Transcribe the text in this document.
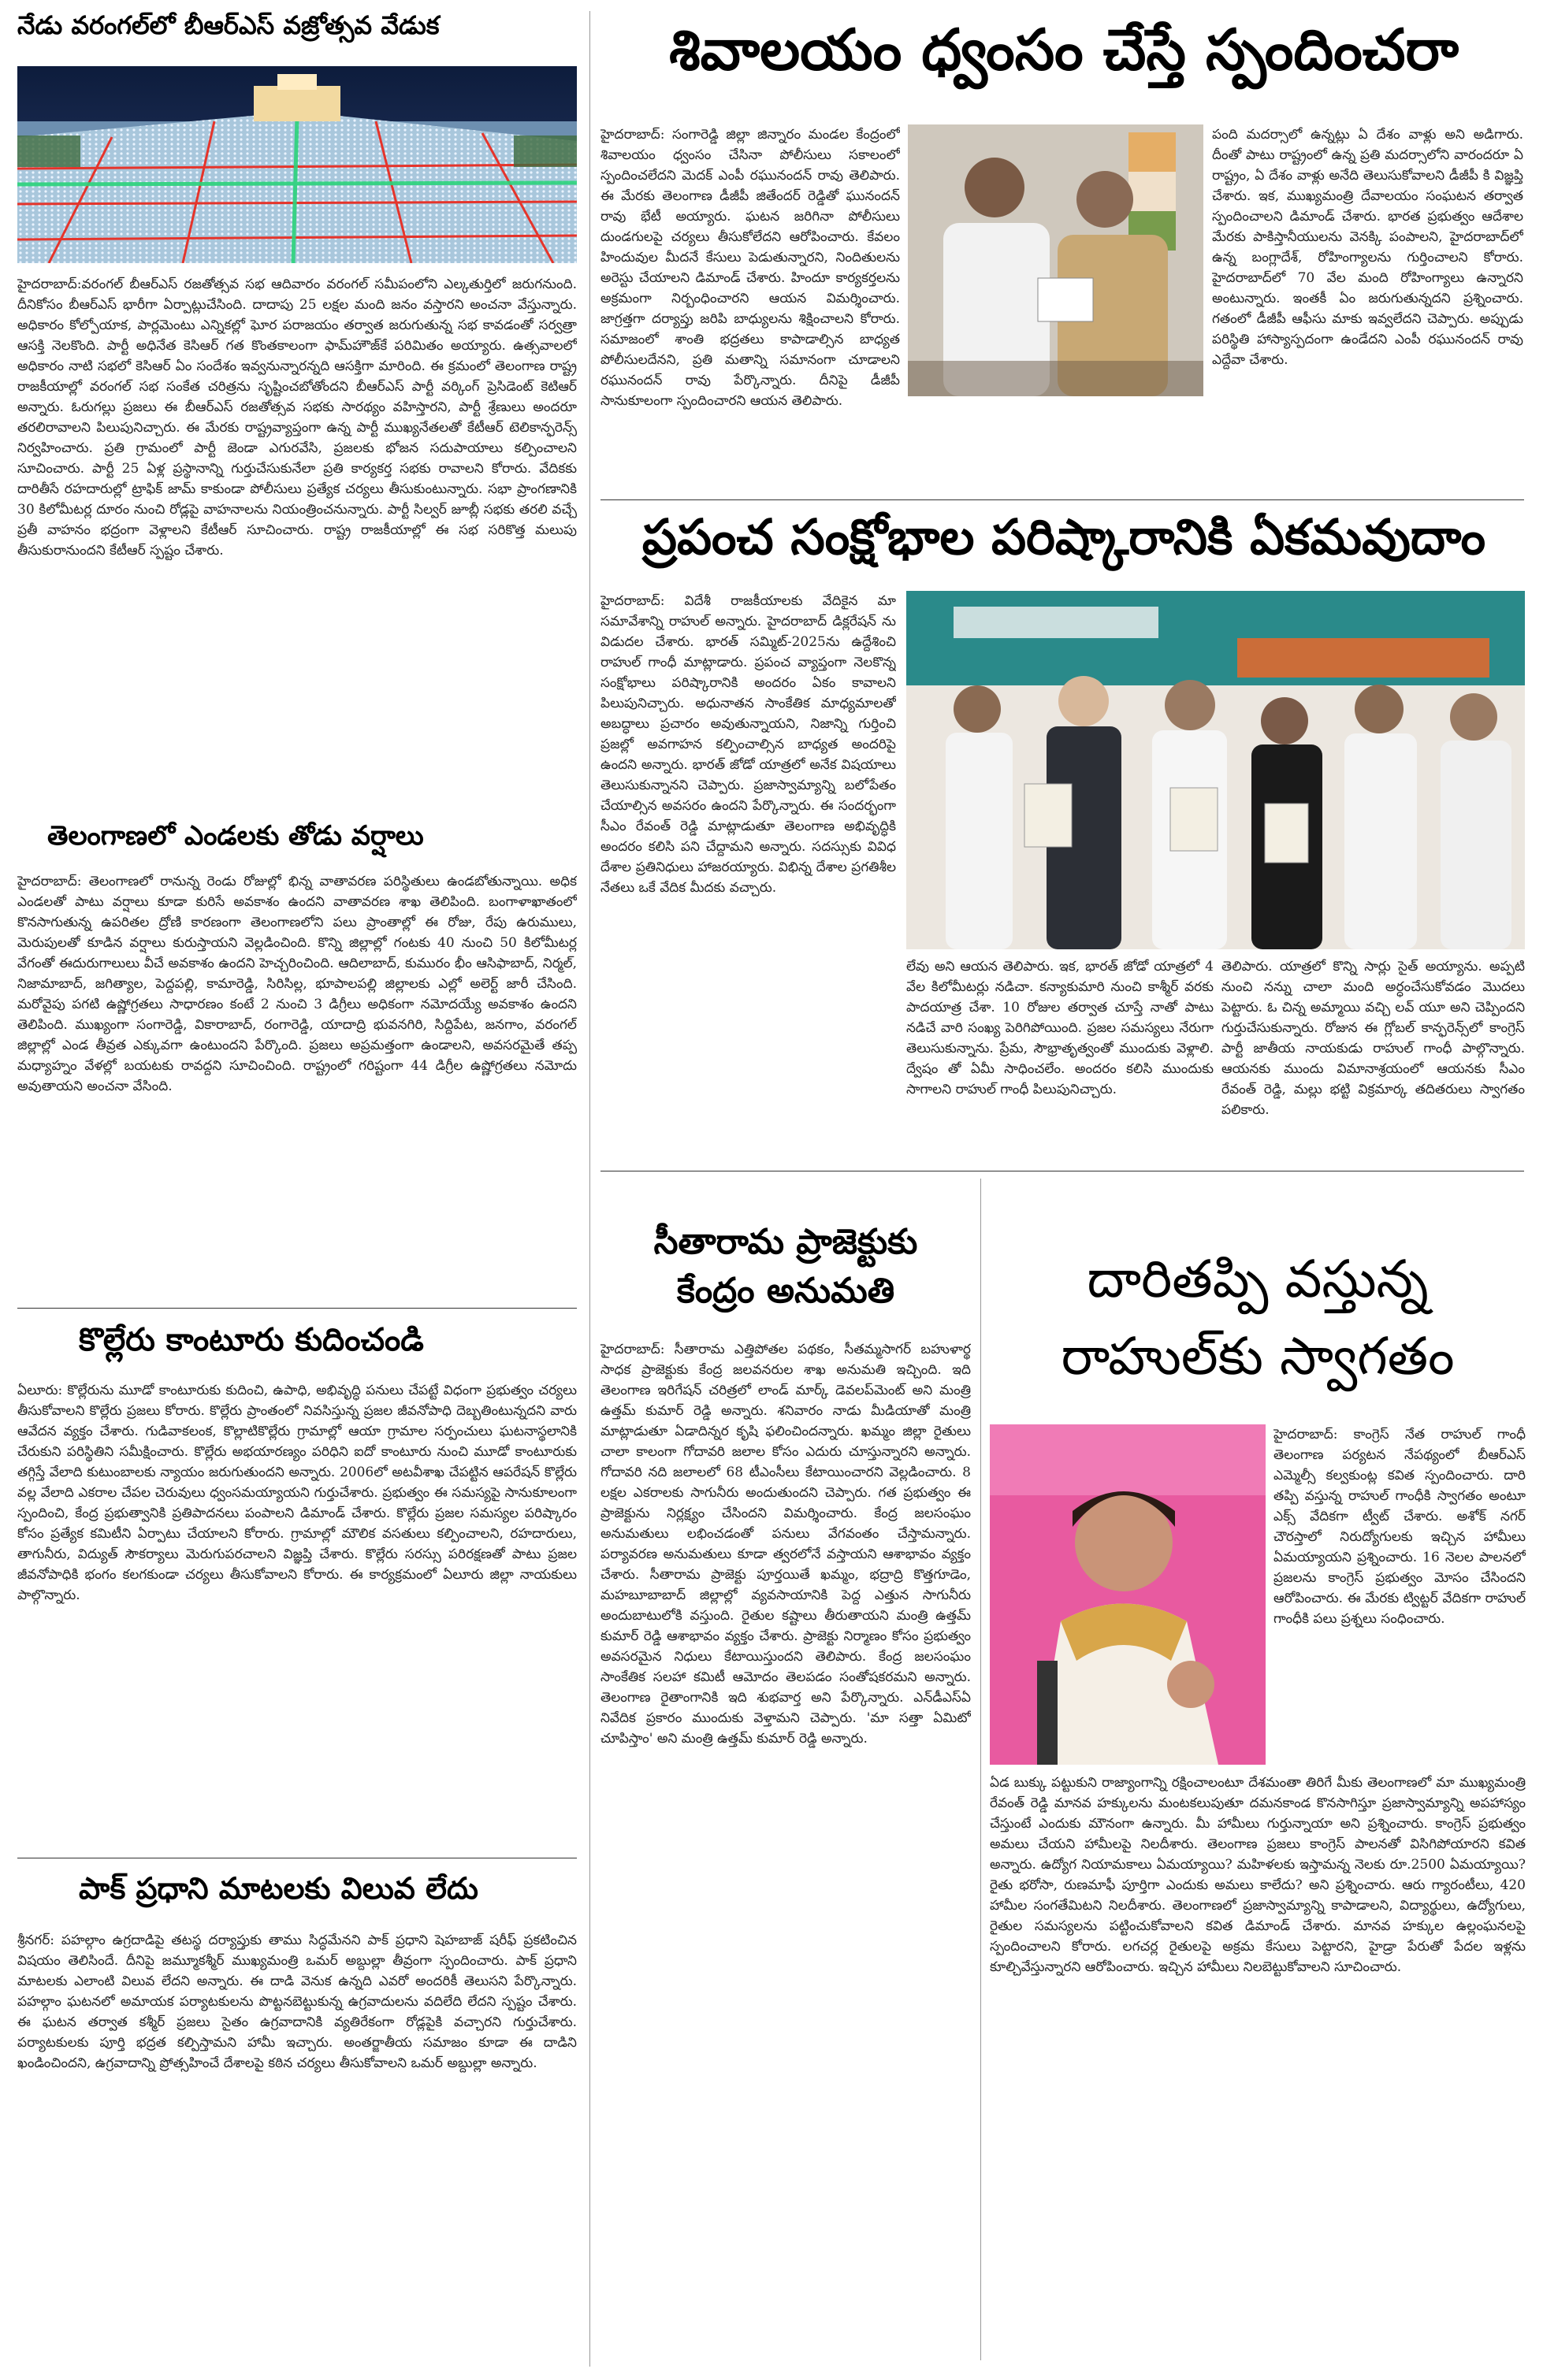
నేడు వరంగల్‌లో బీఆర్‌ఎస్‌ వజ్రోత్సవ వేడుక

హైదరాబాద్‌:వరంగల్‌ బీఆర్‌ఎస్‌ రజతోత్సవ సభ ఆదివారం వరంగల్‌ సమీపంలోని ఎల్కతుర్తిలో జరుగనుంది. దీనికోసం బీఆర్‌ఎస్‌ భారీగా ఏర్పాట్లుచేసింది. దాదాపు 25 లక్షల మంది జనం వస్తారని అంచనా వేస్తున్నారు. అధికారం కోల్పోయాక, పార్లమెంటు ఎన్నికల్లో ఘోర పరాజయం తర్వాత జరుగుతున్న సభ కావడంతో సర్వత్రా ఆసక్తి నెలకొంది. పార్టీ అధినేత కెసిఆర్‌ గత కొంతకాలంగా ఫామ్‌హౌజ్‌కే పరిమితం అయ్యారు. ఉత్సవాలలో అధికారం నాటి సభలో కెసిఆర్‌ ఏం సందేశం ఇవ్వనున్నారన్నది ఆసక్తిగా మారింది. ఈ క్రమంలో తెలంగాణ రాష్ట్ర రాజకీయాల్లో వరంగల్‌ సభ సంకేత చరిత్రను సృష్టించబోతోందని బీఆర్‌ఎస్‌ పార్టీ వర్కింగ్‌ ప్రెసిడెంట్‌ కెటిఆర్‌ అన్నారు. ఓరుగల్లు ప్రజలు ఈ బీఆర్‌ఎస్‌ రజతోత్సవ సభకు సారథ్యం వహిస్తారని, పార్టీ శ్రేణులు అందరూ తరలిరావాలని పిలుపునిచ్చారు. ఈ మేరకు రాష్ట్రవ్యాప్తంగా ఉన్న పార్టీ ముఖ్యనేతలతో కేటీఆర్‌ టెలికాన్ఫరెన్స్‌ నిర్వహించారు. ప్రతి గ్రామంలో పార్టీ జెండా ఎగురవేసి, ప్రజలకు భోజన సదుపాయాలు కల్పించాలని సూచించారు. పార్టీ 25 ఏళ్ల ప్రస్థానాన్ని గుర్తుచేసుకునేలా ప్రతి కార్యకర్త సభకు రావాలని కోరారు. వేదికకు దారితీసే రహదారుల్లో ట్రాఫిక్‌ జామ్‌ కాకుండా పోలీసులు ప్రత్యేక చర్యలు తీసుకుంటున్నారు. సభా ప్రాంగణానికి 30 కిలోమీటర్ల దూరం నుంచి రోడ్లపై వాహనాలను నియంత్రించనున్నారు. పార్టీ సిల్వర్‌ జూబ్లీ సభకు తరలి వచ్చే ప్రతీ వాహనం భద్రంగా వెళ్లాలని కేటీఆర్‌ సూచించారు. రాష్ట్ర రాజకీయాల్లో ఈ సభ సరికొత్త మలుపు తీసుకురానుందని కేటీఆర్‌ స్పష్టం చేశారు.

తెలంగాణలో ఎండలకు తోడు వర్షాలు

హైదరాబాద్‌: తెలంగాణలో రానున్న రెండు రోజుల్లో భిన్న వాతావరణ పరిస్థితులు ఉండబోతున్నాయి. అధిక ఎండలతో పాటు వర్షాలు కూడా కురిసే అవకాశం ఉందని వాతావరణ శాఖ తెలిపింది. బంగాళాఖాతంలో కొనసాగుతున్న ఉపరితల ద్రోణి కారణంగా తెలంగాణలోని పలు ప్రాంతాల్లో ఈ రోజు, రేపు ఉరుములు, మెరుపులతో కూడిన వర్షాలు కురుస్తాయని వెల్లడించింది. కొన్ని జిల్లాల్లో గంటకు 40 నుంచి 50 కిలోమీటర్ల వేగంతో ఈదురుగాలులు వీచే అవకాశం ఉందని హెచ్చరించింది. ఆదిలాబాద్‌, కుమురం భీం ఆసిఫాబాద్‌, నిర్మల్‌, నిజామాబాద్‌, జగిత్యాల, పెద్దపల్లి, కామారెడ్డి, సిరిసిల్ల, భూపాలపల్లి జిల్లాలకు ఎల్లో అలెర్ట్‌ జారీ చేసింది. మరోవైపు పగటి ఉష్ణోగ్రతలు సాధారణం కంటే 2 నుంచి 3 డిగ్రీలు అధికంగా నమోదయ్యే అవకాశం ఉందని తెలిపింది. ముఖ్యంగా సంగారెడ్డి, వికారాబాద్‌, రంగారెడ్డి, యాదాద్రి భువనగిరి, సిద్దిపేట, జనగాం, వరంగల్‌ జిల్లాల్లో ఎండ తీవ్రత ఎక్కువగా ఉంటుందని పేర్కొంది. ప్రజలు అప్రమత్తంగా ఉండాలని, అవసరమైతే తప్ప మధ్యాహ్నం వేళల్లో బయటకు రావద్దని సూచించింది. రాష్ట్రంలో గరిష్టంగా 44 డిగ్రీల ఉష్ణోగ్రతలు నమోదు అవుతాయని అంచనా వేసింది.

కొల్లేరు కాంటూరు కుదించండి

ఏలూరు: కొల్లేరును మూడో కాంటూరుకు కుదించి, ఉపాధి, అభివృద్ధి పనులు చేపట్టే విధంగా ప్రభుత్వం చర్యలు తీసుకోవాలని కొల్లేరు ప్రజలు కోరారు. కొల్లేరు ప్రాంతంలో నివసిస్తున్న ప్రజల జీవనోపాధి దెబ్బతింటున్నదని వారు ఆవేదన వ్యక్తం చేశారు. గుడివాకలంక, కొల్లాటికొల్లేరు గ్రామాల్లో ఆయా గ్రామాల సర్పంచులు ఘటనాస్థలానికి చేరుకుని పరిస్థితిని సమీక్షించారు. కొల్లేరు అభయారణ్యం పరిధిని ఐదో కాంటూరు నుంచి మూడో కాంటూరుకు తగ్గిస్తే వేలాది కుటుంబాలకు న్యాయం జరుగుతుందని అన్నారు. 2006లో అటవీశాఖ చేపట్టిన ఆపరేషన్‌ కొల్లేరు వల్ల వేలాది ఎకరాల చేపల చెరువులు ధ్వంసమయ్యాయని గుర్తుచేశారు. ప్రభుత్వం ఈ సమస్యపై సానుకూలంగా స్పందించి, కేంద్ర ప్రభుత్వానికి ప్రతిపాదనలు పంపాలని డిమాండ్‌ చేశారు. కొల్లేరు ప్రజల సమస్యల పరిష్కారం కోసం ప్రత్యేక కమిటీని ఏర్పాటు చేయాలని కోరారు. గ్రామాల్లో మౌలిక వసతులు కల్పించాలని, రహదారులు, తాగునీరు, విద్యుత్‌ సౌకర్యాలు మెరుగుపరచాలని విజ్ఞప్తి చేశారు. కొల్లేరు సరస్సు పరిరక్షణతో పాటు ప్రజల జీవనోపాధికి భంగం కలగకుండా చర్యలు తీసుకోవాలని కోరారు. ఈ కార్యక్రమంలో ఏలూరు జిల్లా నాయకులు పాల్గొన్నారు.

పాక్‌ ప్రధాని మాటలకు విలువ లేదు

శ్రీనగర్‌: పహల్గాం ఉగ్రదాడిపై తటస్థ దర్యాప్తుకు తాము సిద్ధమేనని పాక్‌ ప్రధాని షెహబాజ్‌ షరీఫ్‌ ప్రకటించిన విషయం తెలిసిందే. దీనిపై జమ్మూకశ్మీర్‌ ముఖ్యమంత్రి ఒమర్‌ అబ్దుల్లా తీవ్రంగా స్పందించారు. పాక్‌ ప్రధాని మాటలకు ఎలాంటి విలువ లేదని అన్నారు. ఈ దాడి వెనుక ఉన్నది ఎవరో అందరికీ తెలుసని పేర్కొన్నారు. పహల్గాం ఘటనలో అమాయక పర్యాటకులను పొట్టనబెట్టుకున్న ఉగ్రవాదులను వదిలేది లేదని స్పష్టం చేశారు. ఈ ఘటన తర్వాత కశ్మీర్‌ ప్రజలు సైతం ఉగ్రవాదానికి వ్యతిరేకంగా రోడ్లపైకి వచ్చారని గుర్తుచేశారు. పర్యాటకులకు పూర్తి భద్రత కల్పిస్తామని హామీ ఇచ్చారు. అంతర్జాతీయ సమాజం కూడా ఈ దాడిని ఖండించిందని, ఉగ్రవాదాన్ని ప్రోత్సహించే దేశాలపై కఠిన చర్యలు తీసుకోవాలని ఒమర్‌ అబ్దుల్లా అన్నారు.

శివాలయం ధ్వంసం చేస్తే స్పందించరా

హైదరాబాద్‌: సంగారెడ్డి జిల్లా జిన్నారం మండల కేంద్రంలో శివాలయం ధ్వంసం చేసినా పోలీసులు సకాలంలో స్పందించలేదని మెదక్‌ ఎంపీ రఘునందన్‌ రావు తెలిపారు. ఈ మేరకు తెలంగాణ డీజీపీ జితేందర్‌ రెడ్డితో ఘునందన్‌ రావు భేటీ అయ్యారు. ఘటన జరిగినా పోలీసులు దుండగులపై చర్యలు తీసుకోలేదని ఆరోపించారు. కేవలం హిందువుల మీదనే కేసులు పెడుతున్నారని, నిందితులను అరెస్టు చేయాలని డిమాండ్‌ చేశారు. హిందూ కార్యకర్తలను అక్రమంగా నిర్బంధించారని ఆయన విమర్శించారు. జాగ్రత్తగా దర్యాప్తు జరిపి బాధ్యులను శిక్షించాలని కోరారు. సమాజంలో శాంతి భద్రతలు కాపాడాల్సిన బాధ్యత పోలీసులదేనని, ప్రతి మతాన్ని సమానంగా చూడాలని రఘునందన్‌ రావు పేర్కొన్నారు. దీనిపై డీజీపీ సానుకూలంగా స్పందించారని ఆయన తెలిపారు.

పంది మదర్సాలో ఉన్నట్లు ఏ దేశం వాళ్లు అని అడిగారు. దీంతో పాటు రాష్ట్రంలో ఉన్న ప్రతి మదర్సాలోని వారందరూ ఏ రాష్ట్రం, ఏ దేశం వాళ్లు అనేది తెలుసుకోవాలని డీజీపీ కి విజ్ఞప్తి చేశారు. ఇక, ముఖ్యమంత్రి దేవాలయం సంఘటన తర్వాత స్పందించాలని డిమాండ్‌ చేశారు. భారత ప్రభుత్వం ఆదేశాల మేరకు పాకిస్తానీయులను వెనక్కి పంపాలని, హైదరాబాద్‌లో ఉన్న బంగ్లాదేశ్‌, రోహింగ్యాలను గుర్తించాలని కోరారు. హైదరాబాద్‌లో 70 వేల మంది రోహింగ్యాలు ఉన్నారని అంటున్నారు. ఇంతకీ ఏం జరుగుతున్నదని ప్రశ్నించారు. గతంలో డీజీపీ ఆఫీసు మాకు ఇవ్వలేదని చెప్పారు. అప్పుడు పరిస్థితి హాస్యాస్పదంగా ఉండేదని ఎంపీ రఘునందన్‌ రావు ఎద్దేవా చేశారు.

ప్రపంచ సంక్షోభాల పరిష్కారానికి ఏకమవుదాం

హైదరాబాద్‌: విదేశీ రాజకీయాలకు వేదికైన మా సమావేశాన్ని రాహుల్‌ అన్నారు. హైదరాబాద్‌ డిక్లరేషన్‌ ను విడుదల చేశారు. భారత్‌ సమ్మిట్‌-2025ను ఉద్దేశించి రాహుల్‌ గాంధీ మాట్లాడారు. ప్రపంచ వ్యాప్తంగా నెలకొన్న సంక్షోభాలు పరిష్కారానికి అందరం ఏకం కావాలని పిలుపునిచ్చారు. అధునాతన సాంకేతిక మాధ్యమాలతో అబద్ధాలు ప్రచారం అవుతున్నాయని, నిజాన్ని గుర్తించి ప్రజల్లో అవగాహన కల్పించాల్సిన బాధ్యత అందరిపై ఉందని అన్నారు. భారత్‌ జోడో యాత్రలో అనేక విషయాలు తెలుసుకున్నానని చెప్పారు. ప్రజాస్వామ్యాన్ని బలోపేతం చేయాల్సిన అవసరం ఉందని పేర్కొన్నారు. ఈ సందర్భంగా సీఎం రేవంత్‌ రెడ్డి మాట్లాడుతూ తెలంగాణ అభివృద్ధికి అందరం కలిసి పని చేద్దామని అన్నారు. సదస్సుకు వివిధ దేశాల ప్రతినిధులు హాజరయ్యారు. విభిన్న దేశాల ప్రగతిశీల నేతలు ఒకే వేదిక మీదకు వచ్చారు.

లేవు అని ఆయన తెలిపారు. ఇక, భారత్‌ జోడో యాత్రలో 4 వేల కిలోమీటర్లు నడిచా. కన్యాకుమారి నుంచి కాశ్మీర్‌ వరకు పాదయాత్ర చేశా. 10 రోజుల తర్వాత చూస్తే నాతో పాటు నడిచే వారి సంఖ్య పెరిగిపోయింది. ప్రజల సమస్యలు నేరుగా తెలుసుకున్నాను. ప్రేమ, సౌభ్రాతృత్వంతో ముందుకు వెళ్లాలి. ద్వేషం తో ఏమీ సాధించలేం. అందరం కలిసి ముందుకు సాగాలని రాహుల్‌ గాంధీ పిలుపునిచ్చారు.

తెలిపారు. యాత్రలో కొన్ని సార్లు సైత్‌ అయ్యాను. అప్పటి నుంచి నన్ను చాలా మంది అర్ధంచేసుకోవడం మొదలు పెట్టారు. ఓ చిన్న అమ్మాయి వచ్చి లవ్‌ యూ అని చెప్పిందని గుర్తుచేసుకున్నారు. రోజున ఈ గ్లోబల్‌ కాన్ఫరెన్స్‌లో కాంగ్రెస్‌ పార్టీ జాతీయ నాయకుడు రాహుల్‌ గాంధీ పాల్గొన్నారు. ఆయనకు ముందు విమానాశ్రయంలో ఆయనకు సీఎం రేవంత్‌ రెడ్డి, మల్లు భట్టి విక్రమార్క తదితరులు స్వాగతం పలికారు.

సీతారామ ప్రాజెక్టుకు
కేంద్రం అనుమతి

హైదరాబాద్‌: సీతారామ ఎత్తిపోతల పథకం, సీతమ్మసాగర్‌ బహుళార్థ సాధక ప్రాజెక్టుకు కేంద్ర జలవనరుల శాఖ అనుమతి ఇచ్చింది. ఇది తెలంగాణ ఇరిగేషన్‌ చరిత్రలో లాండ్‌ మార్క్‌ డెవలప్‌మెంట్‌ అని మంత్రి ఉత్తమ్‌ కుమార్‌ రెడ్డి అన్నారు. శనివారం నాడు మీడియాతో మంత్రి మాట్లాడుతూ ఏడాదిన్నర కృషి ఫలించిందన్నారు. ఖమ్మం జిల్లా రైతులు చాలా కాలంగా గోదావరి జలాల కోసం ఎదురు చూస్తున్నారని అన్నారు. గోదావరి నది జలాలలో 68 టీఎంసీలు కేటాయించారని వెల్లడించారు. 8 లక్షల ఎకరాలకు సాగునీరు అందుతుందని చెప్పారు. గత ప్రభుత్వం ఈ ప్రాజెక్టును నిర్లక్ష్యం చేసిందని విమర్శించారు. కేంద్ర జలసంఘం అనుమతులు లభించడంతో పనులు వేగవంతం చేస్తామన్నారు. పర్యావరణ అనుమతులు కూడా త్వరలోనే వస్తాయని ఆశాభావం వ్యక్తం చేశారు. సీతారామ ప్రాజెక్టు పూర్తయితే ఖమ్మం, భద్రాద్రి కొత్తగూడెం, మహబూబాబాద్‌ జిల్లాల్లో వ్యవసాయానికి పెద్ద ఎత్తున సాగునీరు అందుబాటులోకి వస్తుంది. రైతుల కష్టాలు తీరుతాయని మంత్రి ఉత్తమ్‌ కుమార్‌ రెడ్డి ఆశాభావం వ్యక్తం చేశారు. ప్రాజెక్టు నిర్మాణం కోసం ప్రభుత్వం అవసరమైన నిధులు కేటాయిస్తుందని తెలిపారు. కేంద్ర జలసంఘం సాంకేతిక సలహా కమిటీ ఆమోదం తెలపడం సంతోషకరమని అన్నారు. తెలంగాణ రైతాంగానికి ఇది శుభవార్త అని పేర్కొన్నారు. ఎన్‌డీఎస్‌ఏ నివేదిక ప్రకారం ముందుకు వెళ్తామని చెప్పారు. 'మా సత్తా ఏమిటో చూపిస్తాం' అని మంత్రి ఉత్తమ్‌ కుమార్‌ రెడ్డి అన్నారు.

దారితప్పి వస్తున్న
రాహుల్‌కు స్వాగతం

హైదరాబాద్‌: కాంగ్రెస్‌ నేత రాహుల్‌ గాంధీ తెలంగాణ పర్యటన నేపథ్యంలో బీఆర్‌ఎస్‌ ఎమ్మెల్సీ కల్వకుంట్ల కవిత స్పందించారు. దారి తప్పి వస్తున్న రాహుల్‌ గాంధీకి స్వాగతం అంటూ ఎక్స్‌ వేదికగా ట్వీట్‌ చేశారు. అశోక్‌ నగర్‌ చౌరస్తాలో నిరుద్యోగులకు ఇచ్చిన హామీలు ఏమయ్యాయని ప్రశ్నించారు. 16 నెలల పాలనలో ప్రజలను కాంగ్రెస్‌ ప్రభుత్వం మోసం చేసిందని ఆరోపించారు. ఈ మేరకు ట్విట్టర్‌ వేదికగా రాహుల్‌ గాంధీకి పలు ప్రశ్నలు సంధించారు.

ఏడ బుక్కు పట్టుకుని రాజ్యాంగాన్ని రక్షించాలంటూ దేశమంతా తిరిగే మీకు తెలంగాణలో మా ముఖ్యమంత్రి రేవంత్‌ రెడ్డి మానవ హక్కులను మంటకలుపుతూ దమనకాండ కొనసాగిస్తూ ప్రజాస్వామ్యాన్ని అపహాస్యం చేస్తుంటే ఎందుకు మౌనంగా ఉన్నారు. మీ హామీలు గుర్తున్నాయా అని ప్రశ్నించారు. కాంగ్రెస్‌ ప్రభుత్వం అమలు చేయని హామీలపై నిలదీశారు. తెలంగాణ ప్రజలు కాంగ్రెస్‌ పాలనతో విసిగిపోయారని కవిత అన్నారు. ఉద్యోగ నియామకాలు ఏమయ్యాయి? మహిళలకు ఇస్తామన్న నెలకు రూ.2500 ఏమయ్యాయి? రైతు భరోసా, రుణమాఫీ పూర్తిగా ఎందుకు అమలు కాలేదు? అని ప్రశ్నించారు. ఆరు గ్యారంటీలు, 420 హామీల సంగతేమిటని నిలదీశారు. తెలంగాణలో ప్రజాస్వామ్యాన్ని కాపాడాలని, విద్యార్థులు, ఉద్యోగులు, రైతుల సమస్యలను పట్టించుకోవాలని కవిత డిమాండ్‌ చేశారు. మానవ హక్కుల ఉల్లంఘనలపై స్పందించాలని కోరారు. లగచర్ల రైతులపై అక్రమ కేసులు పెట్టారని, హైడ్రా పేరుతో పేదల ఇళ్లను కూల్చివేస్తున్నారని ఆరోపించారు. ఇచ్చిన హామీలు నిలబెట్టుకోవాలని సూచించారు.
